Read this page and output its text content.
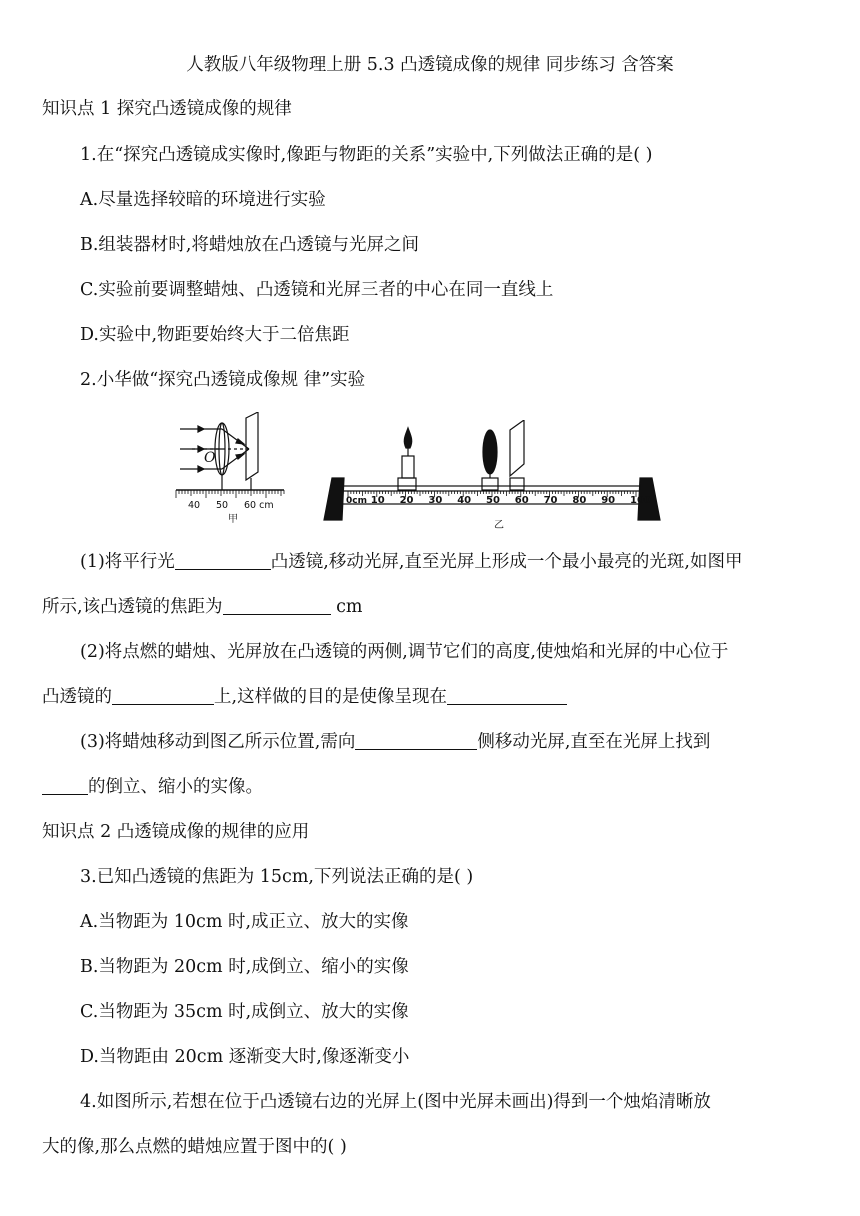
人教版八年级物理上册 5.3 凸透镜成像的规律 同步练习 含答案
知识点 1 探究凸透镜成像的规律
1.在“探究凸透镜成实像时,像距与物距的关系”实验中,下列做法正确的是( )
A.尽量选择较暗的环境进行实验
B.组装器材时,将蜡烛放在凸透镜与光屏之间
C.实验前要调整蜡烛、凸透镜和光屏三者的中心在同一直线上
D.实验中,物距要始终大于二倍焦距
2.小华做“探究凸透镜成像规 律”实验
40 50 60 cm
甲
O
0cm 10 20 30 40 50 60 70 80 90 100
乙
(1)将平行光	凸透镜,移动光屏,直至光屏上形成一个最小最亮的光斑,如图甲
所示,该凸透镜的焦距为	cm
(2)将点燃的蜡烛、光屏放在凸透镜的两侧,调节它们的高度,使烛焰和光屏的中心位于
凸透镜的	上,这样做的目的是使像呈现在
(3)将蜡烛移动到图乙所示位置,需向	侧移动光屏,直至在光屏上找到
的倒立、缩小的实像。
知识点 2 凸透镜成像的规律的应用
3.已知凸透镜的焦距为 15cm,下列说法正确的是( )
A.当物距为 10cm 时,成正立、放大的实像
B.当物距为 20cm 时,成倒立、缩小的实像
C.当物距为 35cm 时,成倒立、放大的实像
D.当物距由 20cm 逐渐变大时,像逐渐变小
4.如图所示,若想在位于凸透镜右边的光屏上(图中光屏未画出)得到一个烛焰清晰放
大的像,那么点燃的蜡烛应置于图中的( )
